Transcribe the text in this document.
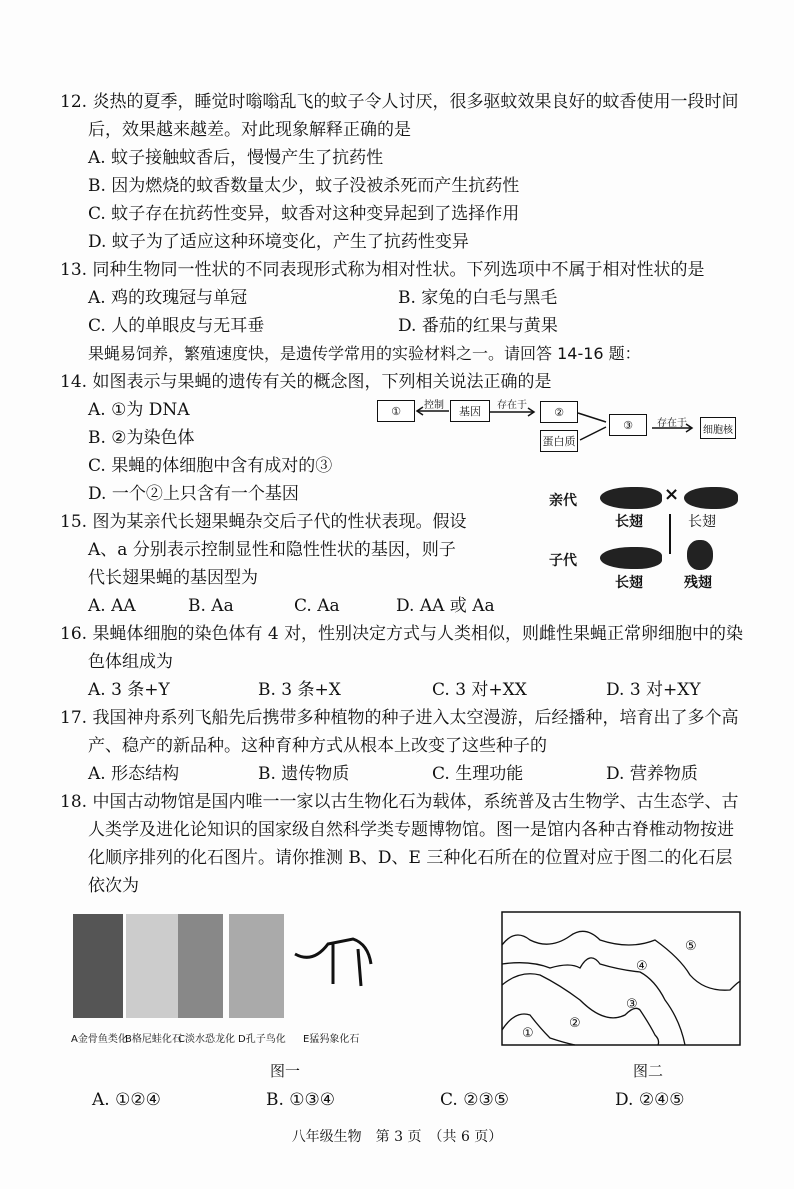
12. 炎热的夏季，睡觉时嗡嗡乱飞的蚊子令人讨厌，很多驱蚊效果良好的蚊香使用一段时间
后，效果越来越差。对此现象解释正确的是
A. 蚊子接触蚊香后，慢慢产生了抗药性
B. 因为燃烧的蚊香数量太少，蚊子没被杀死而产生抗药性
C. 蚊子存在抗药性变异，蚊香对这种变异起到了选择作用
D. 蚊子为了适应这种环境变化，产生了抗药性变异
13. 同种生物同一性状的不同表现形式称为相对性状。下列选项中不属于相对性状的是
A. 鸡的玫瑰冠与单冠	B. 家兔的白毛与黑毛
C. 人的单眼皮与无耳垂	D. 番茄的红果与黄果
果蝇易饲养，繁殖速度快，是遗传学常用的实验材料之一。请回答 14-16 题：
14. 如图表示与果蝇的遗传有关的概念图，下列相关说法正确的是
A. ①为 DNA
B. ②为染色体
C. 果蝇的体细胞中含有成对的③
D. 一个②上只含有一个基因
15. 图为某亲代长翅果蝇杂交后子代的性状表现。假设
A、a 分别表示控制显性和隐性性状的基因，则子
代长翅果蝇的基因型为
A. AA	B. Aa	C. Aa	D. AA 或 Aa
16. 果蝇体细胞的染色体有 4 对，性别决定方式与人类相似，则雌性果蝇正常卵细胞中的染
色体组成为
A. 3 条+Y	B. 3 条+X	C. 3 对+XX	D. 3 对+XY
17. 我国神舟系列飞船先后携带多种植物的种子进入太空漫游，后经播种，培育出了多个高
产、稳产的新品种。这种育种方式从根本上改变了这些种子的
A. 形态结构	B. 遗传物质	C. 生理功能	D. 营养物质
18. 中国古动物馆是国内唯一一家以古生物化石为载体，系统普及古生物学、古生态学、古
人类学及进化论知识的国家级自然科学类专题博物馆。图一是馆内各种古脊椎动物按进
化顺序排列的化石图片。请你推测 B、D、E 三种化石所在的位置对应于图二的化石层
依次为
①	控制	基因	存在于	②
蛋白质
③	存在于
细胞核
亲代
子代
×
长翅	长翅
长翅	残翅
A金骨鱼类化
B格尼蛙化石
C淡水恐龙化 D孔子鸟化 E猛犸象化石
图一
①
②
③
④
⑤
图二
A. ①②④	B. ①③④	C. ②③⑤	D. ②④⑤
八年级生物　第 3 页　（共 6 页）
